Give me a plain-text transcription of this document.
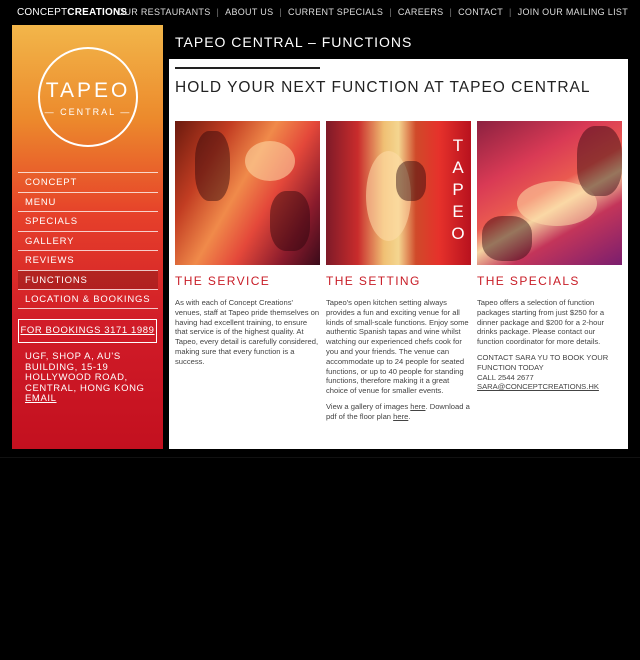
CONCEPTCREATIONS
OUR RESTAURANTS | ABOUT US | CURRENT SPECIALS | CAREERS | CONTACT | JOIN OUR MAILING LIST
TAPEO
— CENTRAL —
CONCEPT
MENU
SPECIALS
GALLERY
REVIEWS
FUNCTIONS
LOCATION & BOOKINGS
FOR BOOKINGS 3171 1989
UGF, SHOP A, AU'S
BUILDING, 15-19
HOLLYWOOD ROAD,
CENTRAL, HONG KONG
EMAIL
TAPEO CENTRAL – FUNCTIONS
HOLD YOUR NEXT FUNCTION AT TAPEO CENTRAL
T
A
P
E
O
THE SERVICE

As with each of Concept Creations' venues, staff at Tapeo pride themselves on having had excellent training, to ensure that service is of the highest quality. At Tapeo, every detail is carefully considered, making sure that every function is a success.

THE SETTING

Tapeo's open kitchen setting always provides a fun and exciting venue for all kinds of small-scale functions. Enjoy some authentic Spanish tapas and wine whilst watching our experienced chefs cook for you and your friends. The venue can accommodate up to 24 people for seated functions, or up to 40 people for standing functions, therefore making it a great choice of venue for smaller events.

View a gallery of images here. Download a pdf of the floor plan here.

THE SPECIALS

Tapeo offers a selection of function packages starting from just $250 for a dinner package and $200 for a 2-hour drinks package. Please contact our function coordinator for more details.

CONTACT SARA YU TO BOOK YOUR FUNCTION TODAY
CALL 2544 2677
SARA@CONCEPTCREATIONS.HK
